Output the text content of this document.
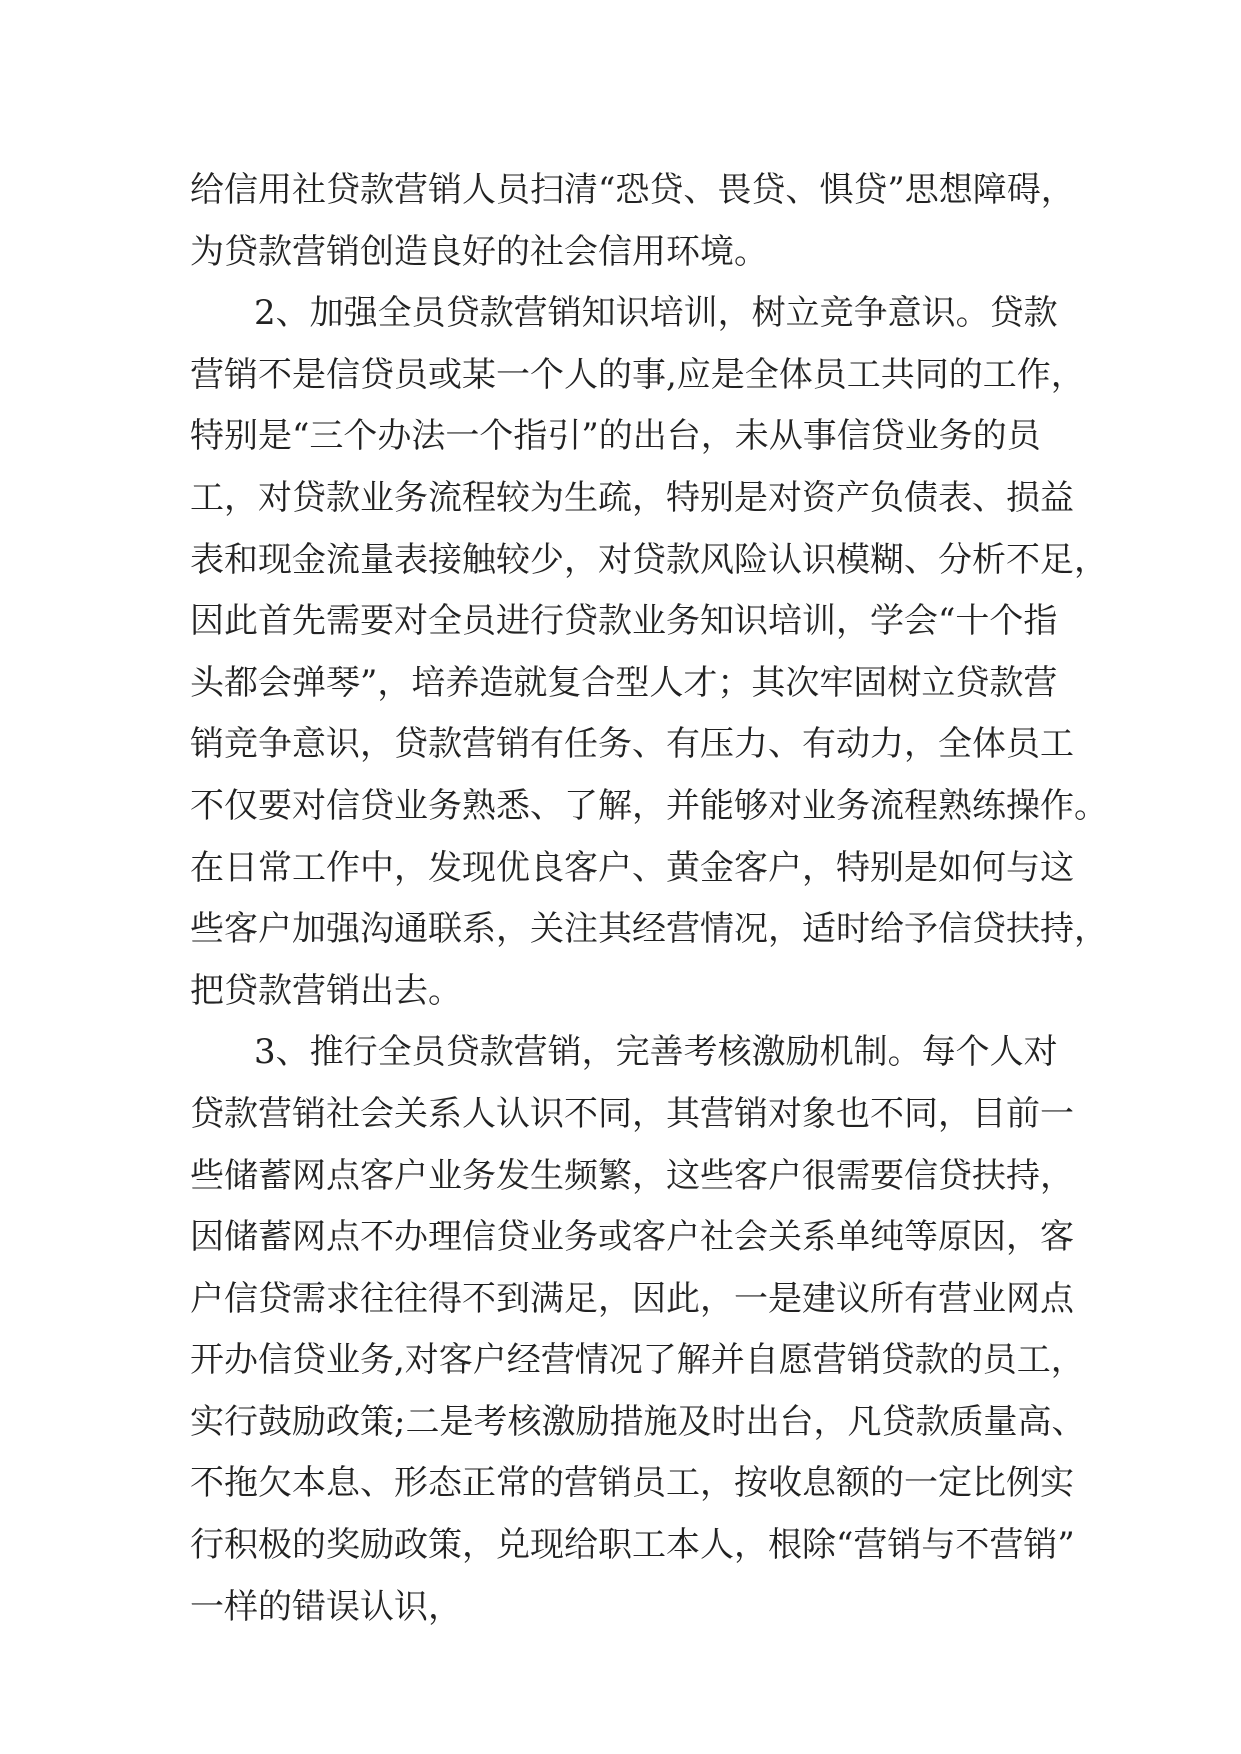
给信用社贷款营销人员扫清“恐贷、畏贷、惧贷”思想障碍，
为贷款营销创造良好的社会信用环境。
2、加强全员贷款营销知识培训，树立竞争意识。贷款
营销不是信贷员或某一个人的事,应是全体员工共同的工作，
特别是“三个办法一个指引”的出台，未从事信贷业务的员
工，对贷款业务流程较为生疏，特别是对资产负债表、损益
表和现金流量表接触较少，对贷款风险认识模糊、分析不足，
因此首先需要对全员进行贷款业务知识培训，学会“十个指
头都会弹琴”，培养造就复合型人才；其次牢固树立贷款营
销竞争意识，贷款营销有任务、有压力、有动力，全体员工
不仅要对信贷业务熟悉、了解，并能够对业务流程熟练操作。
在日常工作中，发现优良客户、黄金客户，特别是如何与这
些客户加强沟通联系，关注其经营情况，适时给予信贷扶持，
把贷款营销出去。
3、推行全员贷款营销，完善考核激励机制。每个人对
贷款营销社会关系人认识不同，其营销对象也不同，目前一
些储蓄网点客户业务发生频繁，这些客户很需要信贷扶持，
因储蓄网点不办理信贷业务或客户社会关系单纯等原因，客
户信贷需求往往得不到满足，因此，一是建议所有营业网点
开办信贷业务,对客户经营情况了解并自愿营销贷款的员工，
实行鼓励政策;二是考核激励措施及时出台，凡贷款质量高、
不拖欠本息、形态正常的营销员工，按收息额的一定比例实
行积极的奖励政策，兑现给职工本人，根除“营销与不营销”
一样的错误认识，
